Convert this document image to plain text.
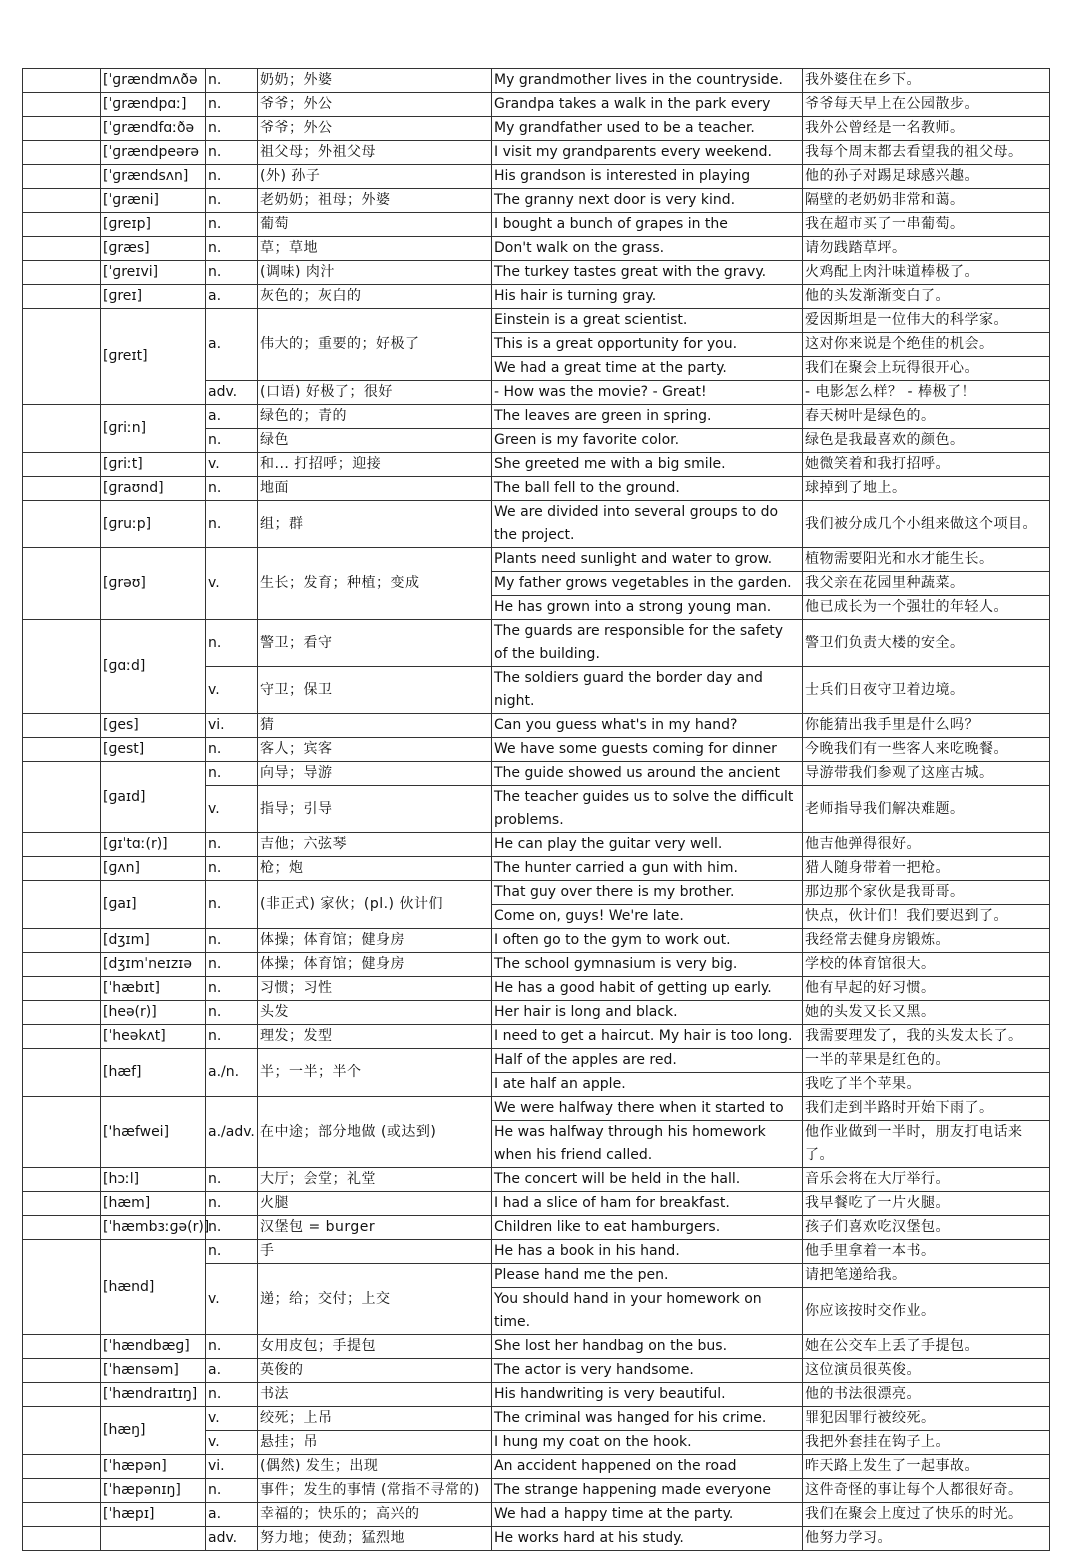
	[ˈɡrændmʌðə	n.	奶奶；外婆	My grandmother lives in the countryside.	我外婆住在乡下。
	[ˈɡrændpɑː]	n.	爷爷；外公	Grandpa takes a walk in the park every	爷爷每天早上在公园散步。
	[ˈɡrændfɑːðə	n.	爷爷；外公	My grandfather used to be a teacher.	我外公曾经是一名教师。
	[ˈɡrændpeərə	n.	祖父母；外祖父母	I visit my grandparents every weekend.	我每个周末都去看望我的祖父母。
	[ˈɡrændsʌn]	n.	(外) 孙子	His grandson is interested in playing	他的孙子对踢足球感兴趣。
	[ˈɡræni]	n.	老奶奶；祖母；外婆	The granny next door is very kind.	隔壁的老奶奶非常和蔼。
	[ɡreɪp]	n.	葡萄	I bought a bunch of grapes in the	我在超市买了一串葡萄。
	[ɡræs]	n.	草；草地	Don't walk on the grass.	请勿践踏草坪。
	[ˈɡreɪvi]	n.	(调味) 肉汁	The turkey tastes great with the gravy.	火鸡配上肉汁味道棒极了。
	[ɡreɪ]	a.	灰色的；灰白的	His hair is turning gray.	他的头发渐渐变白了。
	[ɡreɪt]	a.	伟大的；重要的；好极了	Einstein is a great scientist.	爱因斯坦是一位伟大的科学家。
				This is a great opportunity for you.	这对你来说是个绝佳的机会。
				We had a great time at the party.	我们在聚会上玩得很开心。
		adv.	(口语) 好极了；很好	- How was the movie? - Great!	- 电影怎么样？ - 棒极了！
	[ɡriːn]	a.	绿色的；青的	The leaves are green in spring.	春天树叶是绿色的。
		n.	绿色	Green is my favorite color.	绿色是我最喜欢的颜色。
	[ɡriːt]	v.	和... 打招呼；迎接	She greeted me with a big smile.	她微笑着和我打招呼。
	[ɡraʊnd]	n.	地面	The ball fell to the ground.	球掉到了地上。
	[ɡruːp]	n.	组；群	We are divided into several groups to do the project.	我们被分成几个小组来做这个项目。
	[ɡrəʊ]	v.	生长；发育；种植；变成	Plants need sunlight and water to grow.	植物需要阳光和水才能生长。
				My father grows vegetables in the garden.	我父亲在花园里种蔬菜。
				He has grown into a strong young man.	他已成长为一个强壮的年轻人。
	[ɡɑːd]	n.	警卫；看守	The guards are responsible for the safety of the building.	警卫们负责大楼的安全。
		v.	守卫；保卫	The soldiers guard the border day and night.	士兵们日夜守卫着边境。
	[ɡes]	vi.	猜	Can you guess what's in my hand?	你能猜出我手里是什么吗？
	[ɡest]	n.	客人；宾客	We have some guests coming for dinner	今晚我们有一些客人来吃晚餐。
	[ɡaɪd]	n.	向导；导游	The guide showed us around the ancient	导游带我们参观了这座古城。
		v.	指导；引导	The teacher guides us to solve the difficult problems.	老师指导我们解决难题。
	[ɡɪˈtɑː(r)]	n.	吉他；六弦琴	He can play the guitar very well.	他吉他弹得很好。
	[ɡʌn]	n.	枪；炮	The hunter carried a gun with him.	猎人随身带着一把枪。
	[ɡaɪ]	n.	(非正式) 家伙；(pl.) 伙计们	That guy over there is my brother.	那边那个家伙是我哥哥。
				Come on, guys! We're late.	快点，伙计们！我们要迟到了。
	[dʒɪm]	n.	体操；体育馆；健身房	I often go to the gym to work out.	我经常去健身房锻炼。
	[dʒɪmˈneɪzɪə	n.	体操；体育馆；健身房	The school gymnasium is very big.	学校的体育馆很大。
	[ˈhæbɪt]	n.	习惯；习性	He has a good habit of getting up early.	他有早起的好习惯。
	[heə(r)]	n.	头发	Her hair is long and black.	她的头发又长又黑。
	[ˈheəkʌt]	n.	理发；发型	I need to get a haircut. My hair is too long.	我需要理发了，我的头发太长了。
	[hæf]	a./n.	半；一半；半个	Half of the apples are red.	一半的苹果是红色的。
				I ate half an apple.	我吃了半个苹果。
	['hæfwei]	a./adv.	在中途；部分地做 (或达到)	We were halfway there when it started to	我们走到半路时开始下雨了。
				He was halfway through his homework when his friend called.	他作业做到一半时，朋友打电话来了。
	[hɔːl]	n.	大厅；会堂；礼堂	The concert will be held in the hall.	音乐会将在大厅举行。
	[hæm]	n.	火腿	I had a slice of ham for breakfast.	我早餐吃了一片火腿。
	[ˈhæmbɜːɡə(r)]	n.	汉堡包 = burger	Children like to eat hamburgers.	孩子们喜欢吃汉堡包。
	[hænd]	n.	手	He has a book in his hand.	他手里拿着一本书。
		v.	递；给；交付；上交	Please hand me the pen.	请把笔递给我。
				You should hand in your homework on time.	你应该按时交作业。
	[ˈhændbæɡ]	n.	女用皮包；手提包	She lost her handbag on the bus.	她在公交车上丢了手提包。
	[ˈhænsəm]	a.	英俊的	The actor is very handsome.	这位演员很英俊。
	[ˈhændraɪtɪŋ]	n.	书法	His handwriting is very beautiful.	他的书法很漂亮。
	[hæŋ]	v.	绞死；上吊	The criminal was hanged for his crime.	罪犯因罪行被绞死。
		v.	悬挂；吊	I hung my coat on the hook.	我把外套挂在钩子上。
	[ˈhæpən]	vi.	(偶然) 发生；出现	An accident happened on the road	昨天路上发生了一起事故。
	[ˈhæpənɪŋ]	n.	事件；发生的事情 (常指不寻常的)	The strange happening made everyone	这件奇怪的事让每个人都很好奇。
	[ˈhæpɪ]	a.	幸福的；快乐的；高兴的	We had a happy time at the party.	我们在聚会上度过了快乐的时光。
		adv.	努力地；使劲；猛烈地	He works hard at his study.	他努力学习。
